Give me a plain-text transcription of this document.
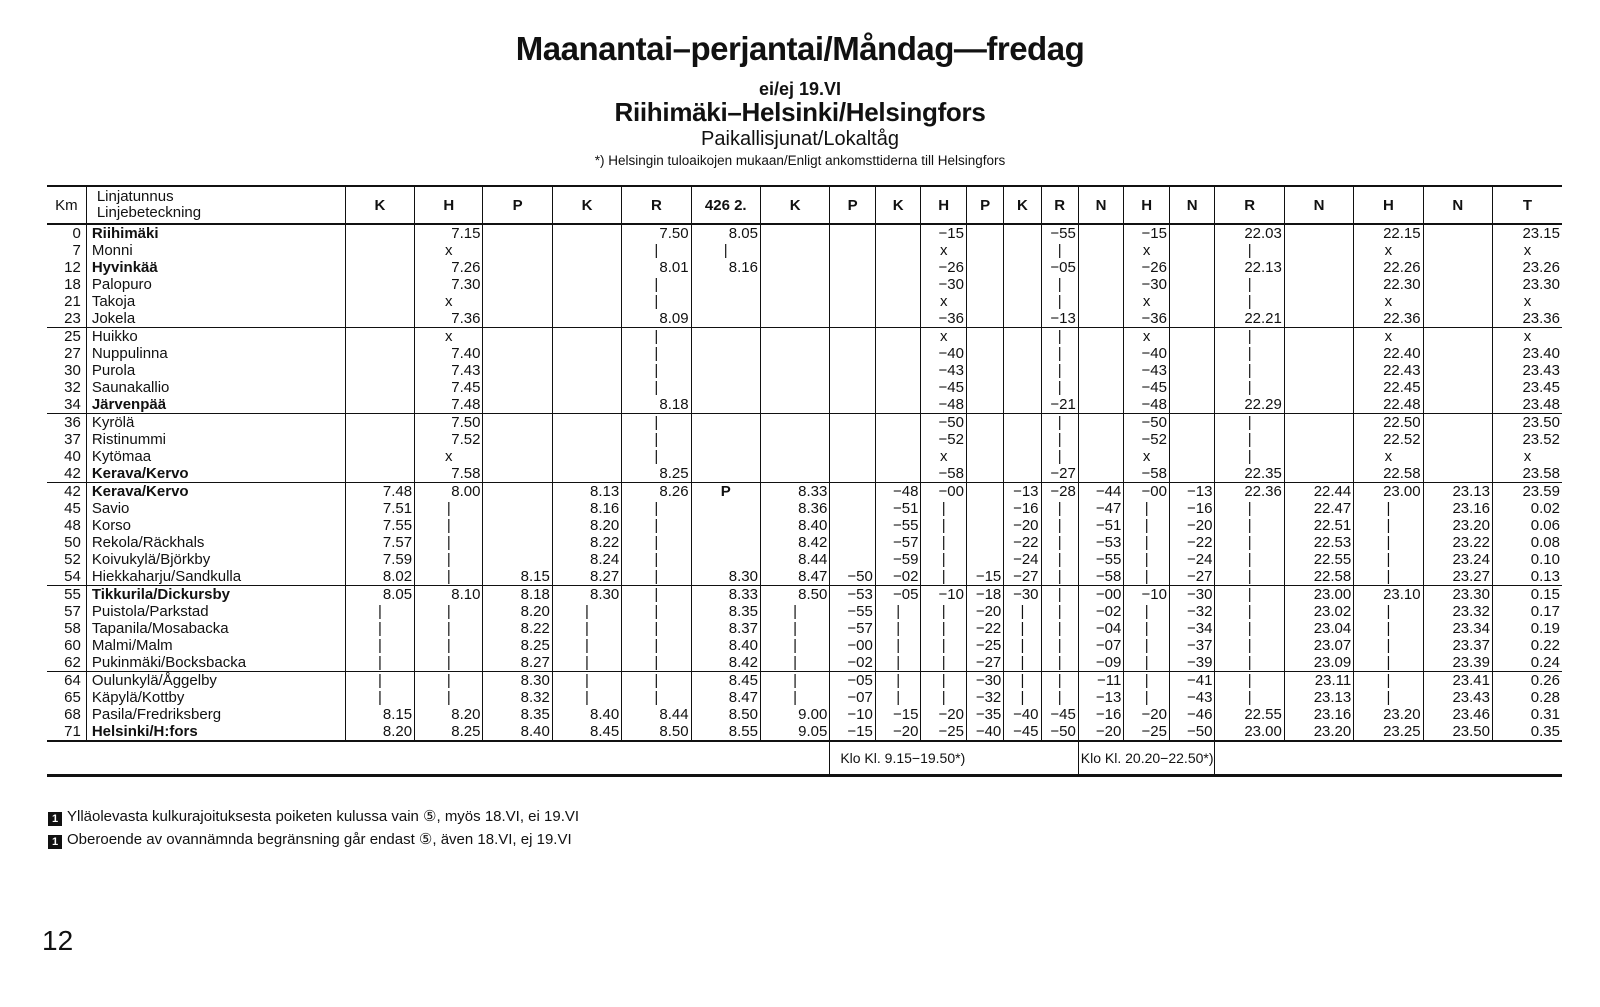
Maanantai–perjantai/Måndag—fredag
ei/ej 19.VI
Riihimäki–Helsinki/Helsingfors
Paikallisjunat/Lokaltåg
*) Helsingin tuloaikojen mukaan/Enligt ankomsttiderna till Helsingfors
Km	Linjatunnus
Linjebeteckning	K	H	P	K	R	426 2.	K	P	K	H	P	K	R	N	H	N	R	N	H	N	T
0	Riihimäki		7.15			7.50	8.05				−15			−55		−15		22.03		22.15		23.15
7	Monni		x			|	|				x			|		x		|		x		x
12	Hyvinkää		7.26			8.01	8.16				−26			−05		−26		22.13		22.26		23.26
18	Palopuro		7.30			|					−30			|		−30		|		22.30		23.30
21	Takoja		x			|					x			|		x		|		x		x
23	Jokela		7.36			8.09					−36			−13		−36		22.21		22.36		23.36
25	Huikko		x			|					x			|		x		|		x		x
27	Nuppulinna		7.40			|					−40			|		−40		|		22.40		23.40
30	Purola		7.43			|					−43			|		−43		|		22.43		23.43
32	Saunakallio		7.45			|					−45			|		−45		|		22.45		23.45
34	Järvenpää		7.48			8.18					−48			−21		−48		22.29		22.48		23.48
36	Kyrölä		7.50			|					−50			|		−50		|		22.50		23.50
37	Ristinummi		7.52			|					−52			|		−52		|		22.52		23.52
40	Kytömaa		x			|					x			|		x		|		x		x
42	Kerava/Kervo		7.58			8.25					−58			−27		−58		22.35		22.58		23.58
42	Kerava/Kervo	7.48	8.00		8.13	8.26	P	8.33		−48	−00		−13	−28	−44	−00	−13	22.36	22.44	23.00	23.13	23.59
45	Savio	7.51	|		8.16	|		8.36		−51	|		−16	|	−47	|	−16	|	22.47	|	23.16	0.02
48	Korso	7.55	|		8.20	|		8.40		−55	|		−20	|	−51	|	−20	|	22.51	|	23.20	0.06
50	Rekola/Räckhals	7.57	|		8.22	|		8.42		−57	|		−22	|	−53	|	−22	|	22.53	|	23.22	0.08
52	Koivukylä/Björkby	7.59	|		8.24	|		8.44		−59	|		−24	|	−55	|	−24	|	22.55	|	23.24	0.10
54	Hiekkaharju/Sandkulla	8.02	|	8.15	8.27	|	8.30	8.47	−50	−02	|	−15	−27	|	−58	|	−27	|	22.58	|	23.27	0.13
55	Tikkurila/Dickursby	8.05	8.10	8.18	8.30	|	8.33	8.50	−53	−05	−10	−18	−30	|	−00	−10	−30	|	23.00	23.10	23.30	0.15
57	Puistola/Parkstad	|	|	8.20	|	|	8.35	|	−55	|	|	−20	|	|	−02	|	−32	|	23.02	|	23.32	0.17
58	Tapanila/Mosabacka	|	|	8.22	|	|	8.37	|	−57	|	|	−22	|	|	−04	|	−34	|	23.04	|	23.34	0.19
60	Malmi/Malm	|	|	8.25	|	|	8.40	|	−00	|	|	−25	|	|	−07	|	−37	|	23.07	|	23.37	0.22
62	Pukinmäki/Bocksbacka	|	|	8.27	|	|	8.42	|	−02	|	|	−27	|	|	−09	|	−39	|	23.09	|	23.39	0.24
64	Oulunkylä/Åggelby	|	|	8.30	|	|	8.45	|	−05	|	|	−30	|	|	−11	|	−41	|	23.11	|	23.41	0.26
65	Käpylä/Kottby	|	|	8.32	|	|	8.47	|	−07	|	|	−32	|	|	−13	|	−43	|	23.13	|	23.43	0.28
68	Pasila/Fredriksberg	8.15	8.20	8.35	8.40	8.44	8.50	9.00	−10	−15	−20	−35	−40	−45	−16	−20	−46	22.55	23.16	23.20	23.46	0.31
71	Helsinki/H:fors	8.20	8.25	8.40	8.45	8.50	8.55	9.05	−15	−20	−25	−40	−45	−50	−20	−25	−50	23.00	23.20	23.25	23.50	0.35
									Klo Kl. 9.15−19.50*)						Klo Kl. 20.20−22.50*)							
1 Ylläolevasta kulkurajoituksesta poiketen kulussa vain ⑤, myös 18.VI, ei 19.VI
1 Oberoende av ovannämnda begränsning går endast ⑤, även 18.VI, ej 19.VI
12
